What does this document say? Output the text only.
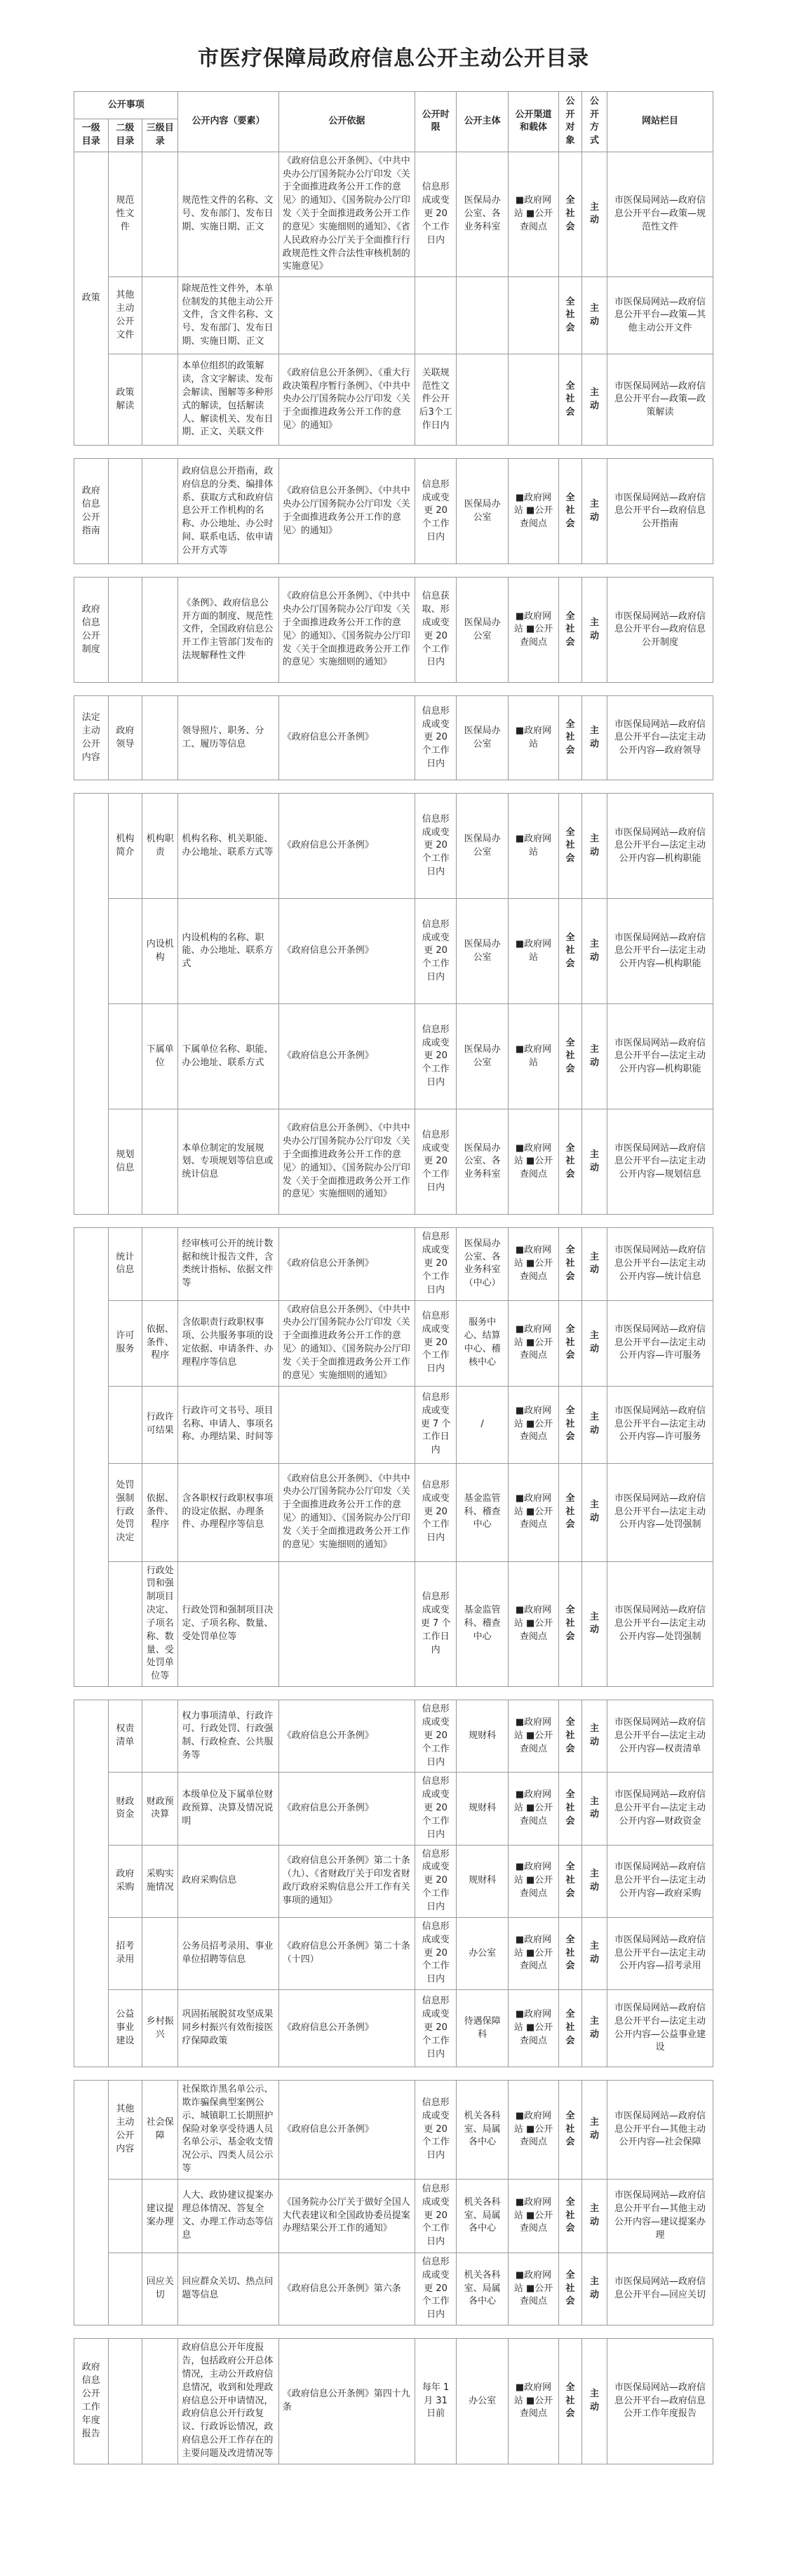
市医疗保障局政府信息公开主动公开目录
公开事项			公开内容（要素）	公开依据	公开时限	公开主体	公开渠道和载体	公开对象	公开方式	网站栏目
一级目录	二级目录	三级目录								
政策	规范性文件		规范性文件的名称、文号、发布部门、发布日期、实施日期、正文	《政府信息公开条例》、《中共中央办公厅国务院办公厅印发〈关于全面推进政务公开工作的意见〉的通知》、《国务院办公厅印发〈关于全面推进政务公开工作的意见〉实施细则的通知》、《省人民政府办公厅关于全面推行行政规范性文件合法性审核机制的实施意见》	信息形成或变更 20 个工作日内	医保局办公室、各业务科室	■政府网站 ■公开查阅点	全社会	主动	市医保局网站—政府信息公开平台—政策—规范性文件
	其他主动公开文件		除规范性文件外，本单位制发的其他主动公开文件，含文件名称、文号、发布部门、发布日期、实施日期、正文					全社会	主动	市医保局网站—政府信息公开平台—政策—其他主动公开文件
	政策解读		本单位组织的政策解读，含文字解读、发布会解读、图解等多种形式的解读，包括解读人、解读机关、发布日期、正文、关联文件	《政府信息公开条例》、《重大行政决策程序暂行条例》、《中共中央办公厅国务院办公厅印发〈关于全面推进政务公开工作的意见〉的通知》	关联规范性文件公开后3个工作日内			全社会	主动	市医保局网站—政府信息公开平台—政策—政策解读

政府信息公开指南			政府信息公开指南，政府信息的分类、编排体系、获取方式和政府信息公开工作机构的名称、办公地址、办公时间、联系电话、依申请公开方式等	《政府信息公开条例》、《中共中央办公厅国务院办公厅印发〈关于全面推进政务公开工作的意见〉的通知》	信息形成或变更 20 个工作日内	医保局办公室	■政府网站 ■公开查阅点	全社会	主动	市医保局网站—政府信息公开平台—政府信息公开指南

政府信息公开制度			《条例》、政府信息公开方面的制度、规范性文件，全国政府信息公开工作主管部门发布的法规解释性文件	《政府信息公开条例》、《中共中央办公厅国务院办公厅印发〈关于全面推进政务公开工作的意见〉的通知》、《国务院办公厅印发〈关于全面推进政务公开工作的意见〉实施细则的通知》	信息获取、形成或变更 20 个工作日内	医保局办公室	■政府网站 ■公开查阅点	全社会	主动	市医保局网站—政府信息公开平台—政府信息公开制度

法定主动公开内容	政府领导		领导照片、职务、分工、履历等信息	《政府信息公开条例》	信息形成或变更 20 个工作日内	医保局办公室	■政府网站	全社会	主动	市医保局网站—政府信息公开平台—法定主动公开内容—政府领导

	机构简介	机构职责	机构名称、机关职能、办公地址、联系方式等	《政府信息公开条例》	信息形成或变更 20 个工作日内	医保局办公室	■政府网站	全社会	主动	市医保局网站—政府信息公开平台—法定主动公开内容—机构职能
		内设机构	内设机构的名称、职能、办公地址、联系方式	《政府信息公开条例》	信息形成或变更 20 个工作日内	医保局办公室	■政府网站	全社会	主动	市医保局网站—政府信息公开平台—法定主动公开内容—机构职能
		下属单位	下属单位名称、职能、办公地址、联系方式	《政府信息公开条例》	信息形成或变更 20 个工作日内	医保局办公室	■政府网站	全社会	主动	市医保局网站—政府信息公开平台—法定主动公开内容—机构职能
	规划信息		本单位制定的发展规划、专项规划等信息或统计信息	《政府信息公开条例》、《中共中央办公厅国务院办公厅印发〈关于全面推进政务公开工作的意见〉的通知》、《国务院办公厅印发〈关于全面推进政务公开工作的意见〉实施细则的通知》	信息形成或变更 20 个工作日内	医保局办公室、各业务科室	■政府网站 ■公开查阅点	全社会	主动	市医保局网站—政府信息公开平台—法定主动公开内容—规划信息

	统计信息		经审核可公开的统计数据和统计报告文件，含类统计指标、依据文件等	《政府信息公开条例》	信息形成或变更 20 个工作日内	医保局办公室、各业务科室（中心）	■政府网站 ■公开查阅点	全社会	主动	市医保局网站—政府信息公开平台—法定主动公开内容—统计信息
	许可服务	依据、条件、程序	含依职责行政职权事项、公共服务事项的设定依据、申请条件、办理程序等信息	《政府信息公开条例》、《中共中央办公厅国务院办公厅印发〈关于全面推进政务公开工作的意见〉的通知》、《国务院办公厅印发〈关于全面推进政务公开工作的意见〉实施细则的通知》	信息形成或变更 20 个工作日内	服务中心、结算中心、稽核中心	■政府网站 ■公开查阅点	全社会	主动	市医保局网站—政府信息公开平台—法定主动公开内容—许可服务
		行政许可结果	行政许可文书号、项目名称、申请人、事项名称、办理结果、时间等		信息形成或变更 7 个工作日内	/	■政府网站 ■公开查阅点	全社会	主动	市医保局网站—政府信息公开平台—法定主动公开内容—许可服务
	处罚强制行政处罚决定	依据、条件、程序	含各职权行政职权事项的设定依据、办理条件、办理程序等信息	《政府信息公开条例》、《中共中央办公厅国务院办公厅印发〈关于全面推进政务公开工作的意见〉的通知》、《国务院办公厅印发〈关于全面推进政务公开工作的意见〉实施细则的通知》	信息形成或变更 20 个工作日内	基金监管科、稽查中心	■政府网站 ■公开查阅点	全社会	主动	市医保局网站—政府信息公开平台—法定主动公开内容—处罚强制
		行政处罚和强制项目决定、子项名称、数量、受处罚单位等	行政处罚和强制项目决定、子项名称、数量、受处罚单位等		信息形成或变更 7 个工作日内	基金监管科、稽查中心	■政府网站 ■公开查阅点	全社会	主动	市医保局网站—政府信息公开平台—法定主动公开内容—处罚强制

	权责清单		权力事项清单、行政许可、行政处罚、行政强制、行政检查、公共服务等	《政府信息公开条例》	信息形成或变更 20 个工作日内	规财科	■政府网站 ■公开查阅点	全社会	主动	市医保局网站—政府信息公开平台—法定主动公开内容—权责清单
	财政资金	财政预决算	本级单位及下属单位财政预算、决算及情况说明	《政府信息公开条例》	信息形成或变更 20 个工作日内	规财科	■政府网站 ■公开查阅点	全社会	主动	市医保局网站—政府信息公开平台—法定主动公开内容—财政资金
	政府采购	采购实施情况	政府采购信息	《政府信息公开条例》第二十条（九）、《省财政厅关于印发省财政厅政府采购信息公开工作有关事项的通知》	信息形成或变更 20 个工作日内	规财科	■政府网站 ■公开查阅点	全社会	主动	市医保局网站—政府信息公开平台—法定主动公开内容—政府采购
	招考录用		公务员招考录用、事业单位招聘等信息	《政府信息公开条例》第二十条（十四）	信息形成或变更 20 个工作日内	办公室	■政府网站 ■公开查阅点	全社会	主动	市医保局网站—政府信息公开平台—法定主动公开内容—招考录用
	公益事业建设	乡村振兴	巩固拓展脱贫攻坚成果同乡村振兴有效衔接医疗保障政策	《政府信息公开条例》	信息形成或变更 20 个工作日内	待遇保障科	■政府网站 ■公开查阅点	全社会	主动	市医保局网站—政府信息公开平台—法定主动公开内容—公益事业建设

	其他主动公开内容	社会保障	社保欺诈黑名单公示、欺诈骗保典型案例公示、城镇职工长期照护保险对象享受待遇人员名单公示、基金收支情况公示、四类人员公示等	《政府信息公开条例》	信息形成或变更 20 个工作日内	机关各科室、局属各中心	■政府网站 ■公开查阅点	全社会	主动	市医保局网站—政府信息公开平台—其他主动公开内容—社会保障
		建议提案办理	人大、政协建议提案办理总体情况、答复全文、办理工作动态等信息	《国务院办公厅关于做好全国人大代表建议和全国政协委员提案办理结果公开工作的通知》	信息形成或变更 20 个工作日内	机关各科室、局属各中心	■政府网站 ■公开查阅点	全社会	主动	市医保局网站—政府信息公开平台—其他主动公开内容—建议提案办理
		回应关切	回应群众关切、热点问题等信息	《政府信息公开条例》第六条	信息形成或变更 20 个工作日内	机关各科室、局属各中心	■政府网站 ■公开查阅点	全社会	主动	市医保局网站—政府信息公开平台—回应关切

政府信息公开工作年度报告			政府信息公开年度报告，包括政府公开总体情况，主动公开政府信息情况，收到和处理政府信息公开申请情况，政府信息公开行政复议、行政诉讼情况，政府信息公开工作存在的主要问题及改进情况等	《政府信息公开条例》第四十九条	每年 1 月 31 日前	办公室	■政府网站 ■公开查阅点	全社会	主动	市医保局网站—政府信息公开平台—政府信息公开工作年度报告
